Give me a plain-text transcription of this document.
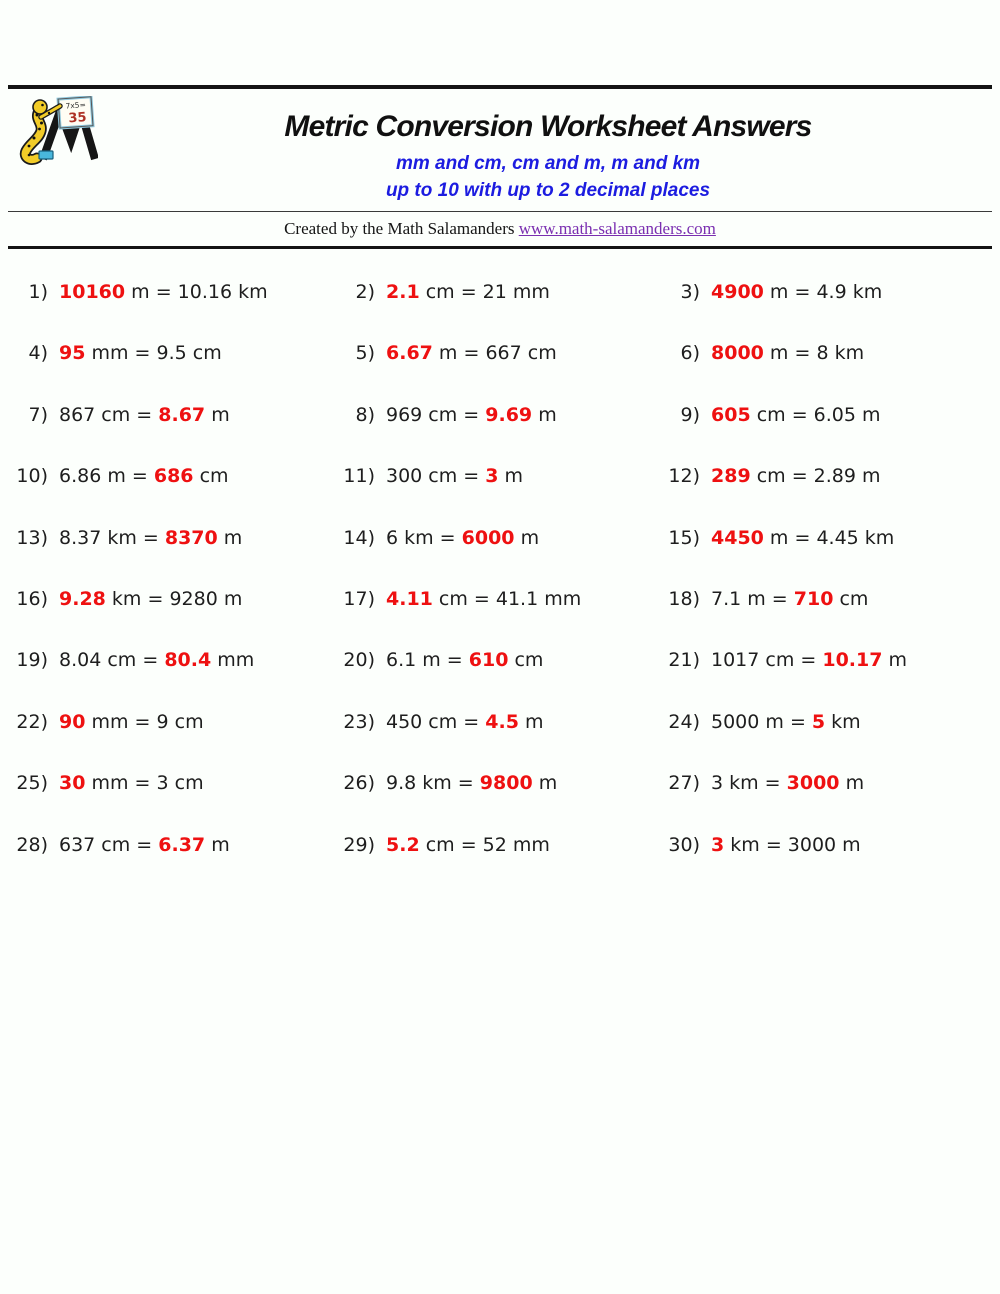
7x5=
35	Metric Conversion Worksheet Answers
mm and cm, cm and m, m and km
up to 10 with up to 2 decimal places
Created by the Math Salamanders www.math-salamanders.com
1) 10160 m = 10.16 km	2) 2.1 cm = 21 mm	3) 4900 m = 4.9 km
4) 95 mm = 9.5 cm	5) 6.67 m = 667 cm	6) 8000 m = 8 km
7) 867 cm = 8.67 m	8) 969 cm = 9.69 m	9) 605 cm = 6.05 m
10) 6.86 m = 686 cm	11) 300 cm = 3 m	12) 289 cm = 2.89 m
13) 8.37 km = 8370 m	14) 6 km = 6000 m	15) 4450 m = 4.45 km
16) 9.28 km = 9280 m	17) 4.11 cm = 41.1 mm	18) 7.1 m = 710 cm
19) 8.04 cm = 80.4 mm	20) 6.1 m = 610 cm	21) 1017 cm = 10.17 m
22) 90 mm = 9 cm	23) 450 cm = 4.5 m	24) 5000 m = 5 km
25) 30 mm = 3 cm	26) 9.8 km = 9800 m	27) 3 km = 3000 m
28) 637 cm = 6.37 m	29) 5.2 cm = 52 mm	30) 3 km = 3000 m
